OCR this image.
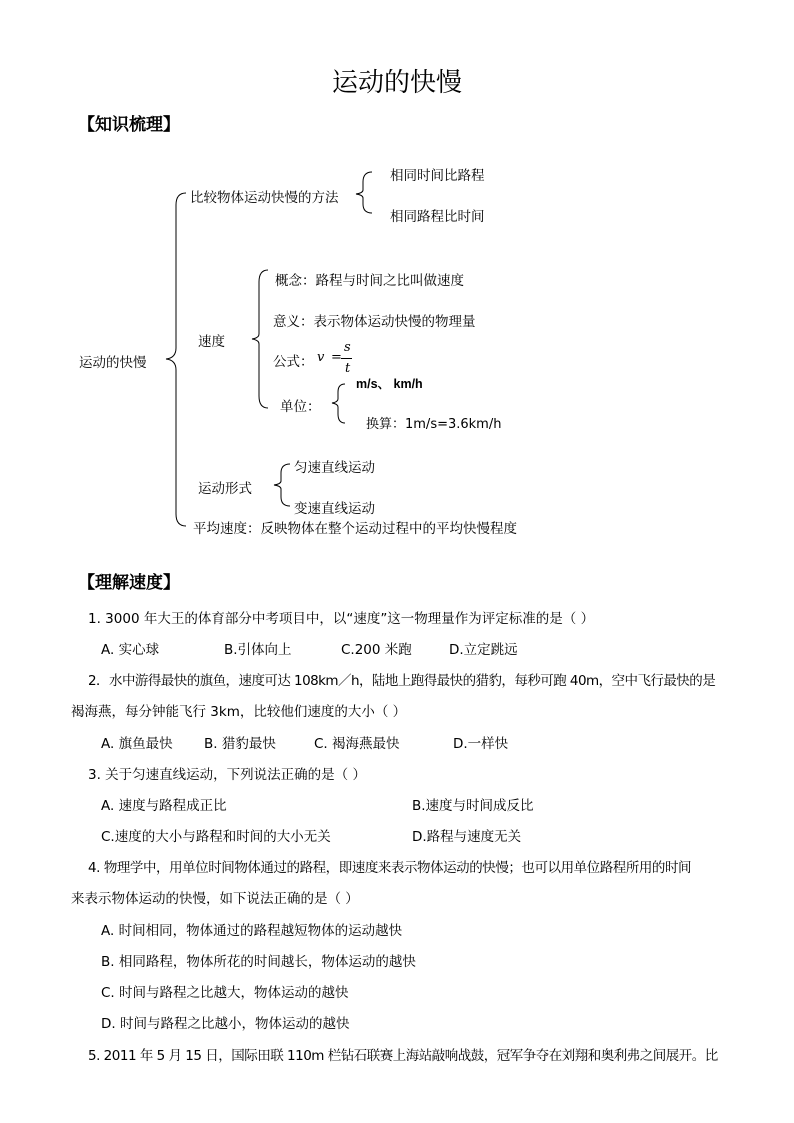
运动的快慢
【知识梳理】
运动的快慢
比较物体运动快慢的方法
相同时间比路程
相同路程比时间
速度
概念：路程与时间之比叫做速度
意义：表示物体运动快慢的物理量
公式： v =
s
t
单位：
m/s、 km/h
换算：1m/s=3.6km/h
运动形式
匀速直线运动
变速直线运动
平均速度：反映物体在整个运动过程中的平均快慢程度
【理解速度】
1. 3000 年大王的体育部分中考项目中，以“速度”这一物理量作为评定标准的是（ ）
A. 实心球	B.引体向上	C.200 米跑	D.立定跳远
2．水中游得最快的旗鱼，速度可达 108km／h，陆地上跑得最快的猎豹，每秒可跑 40m，空中飞行最快的是
褐海燕，每分钟能飞行 3km，比较他们速度的大小（ ）
A. 旗鱼最快 B. 猎豹最快	C. 褐海燕最快	D.一样快
3. 关于匀速直线运动，下列说法正确的是（ ）
A. 速度与路程成正比	B.速度与时间成反比
C.速度的大小与路程和时间的大小无关	D.路程与速度无关
4. 物理学中，用单位时间物体通过的路程，即速度来表示物体运动的快慢；也可以用单位路程所用的时间
来表示物体运动的快慢，如下说法正确的是（ ）
A. 时间相同，物体通过的路程越短物体的运动越快
B. 相同路程，物体所花的时间越长，物体运动的越快
C. 时间与路程之比越大，物体运动的越快
D. 时间与路程之比越小，物体运动的越快
5. 2011 年 5 月 15 日，国际田联 110m 栏钻石联赛上海站敲响战鼓，冠军争夺在刘翔和奥利弗之间展开。比
